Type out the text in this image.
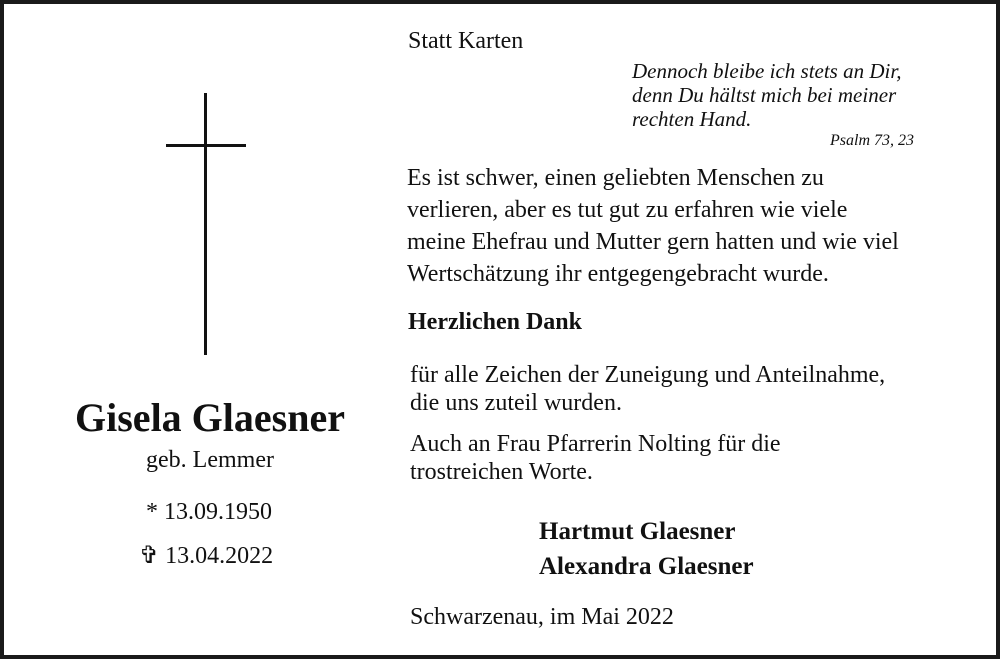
Gisela Glaesner
geb. Lemmer
* 13.09.1950
✞ 13.04.2022
Statt Karten
Dennoch bleibe ich stets an Dir,
denn Du hältst mich bei meiner
rechten Hand.
Psalm 73, 23
Es ist schwer, einen geliebten Menschen zu
verlieren, aber es tut gut zu erfahren wie viele
meine Ehefrau und Mutter gern hatten und wie viel
Wertschätzung ihr entgegengebracht wurde.
Herzlichen Dank
für alle Zeichen der Zuneigung und Anteilnahme,
die uns zuteil wurden.
Auch an Frau Pfarrerin Nolting für die
trostreichen Worte.
Hartmut Glaesner
Alexandra Glaesner
Schwarzenau, im Mai 2022
